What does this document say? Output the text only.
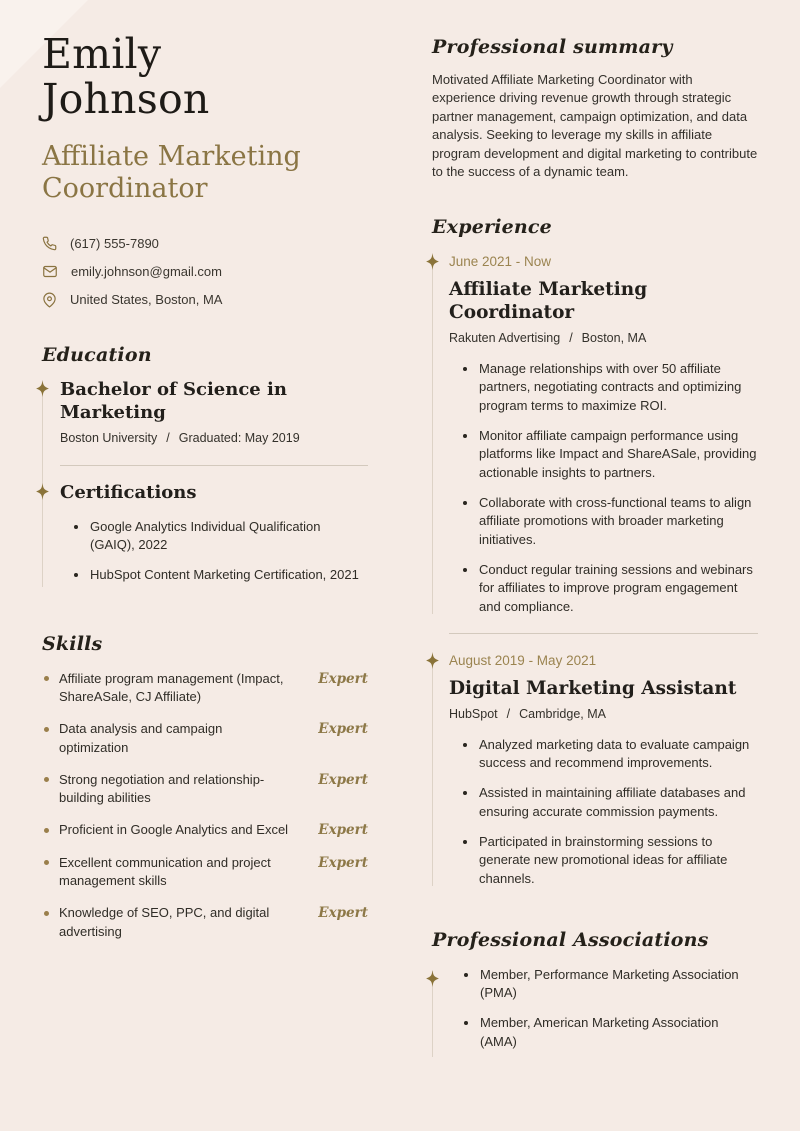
Emily
Johnson
Affiliate Marketing
Coordinator
(617) 555-7890
emily.johnson@gmail.com
United States, Boston, MA
Education
Bachelor of Science in Marketing
Boston University / Graduated: May 2019
Certifications
Google Analytics Individual Qualification (GAIQ), 2022
HubSpot Content Marketing Certification, 2021
Skills
Affiliate program management (Impact, ShareASale, CJ Affiliate)
Expert
Data analysis and campaign optimization
Expert
Strong negotiation and relationship-building abilities
Expert
Proficient in Google Analytics and Excel	Expert
Excellent communication and project management skills
Expert
Knowledge of SEO, PPC, and digital advertising
Expert
Professional summary

Motivated Affiliate Marketing Coordinator with experience driving revenue growth through strategic partner management, campaign optimization, and data analysis. Seeking to leverage my skills in affiliate program development and digital marketing to contribute to the success of a dynamic team.

Experience
June 2021 - Now
Affiliate Marketing Coordinator
Rakuten Advertising / Boston, MA
Manage relationships with over 50 affiliate partners, negotiating contracts and optimizing program terms to maximize ROI.
Monitor affiliate campaign performance using platforms like Impact and ShareASale, providing actionable insights to partners.
Collaborate with cross-functional teams to align affiliate promotions with broader marketing initiatives.
Conduct regular training sessions and webinars for affiliates to improve program engagement and compliance.
August 2019 - May 2021
Digital Marketing Assistant
HubSpot / Cambridge, MA
Analyzed marketing data to evaluate campaign success and recommend improvements.
Assisted in maintaining affiliate databases and ensuring accurate commission payments.
Participated in brainstorming sessions to generate new promotional ideas for affiliate channels.
Professional Associations
Member, Performance Marketing Association (PMA)
Member, American Marketing Association (AMA)
